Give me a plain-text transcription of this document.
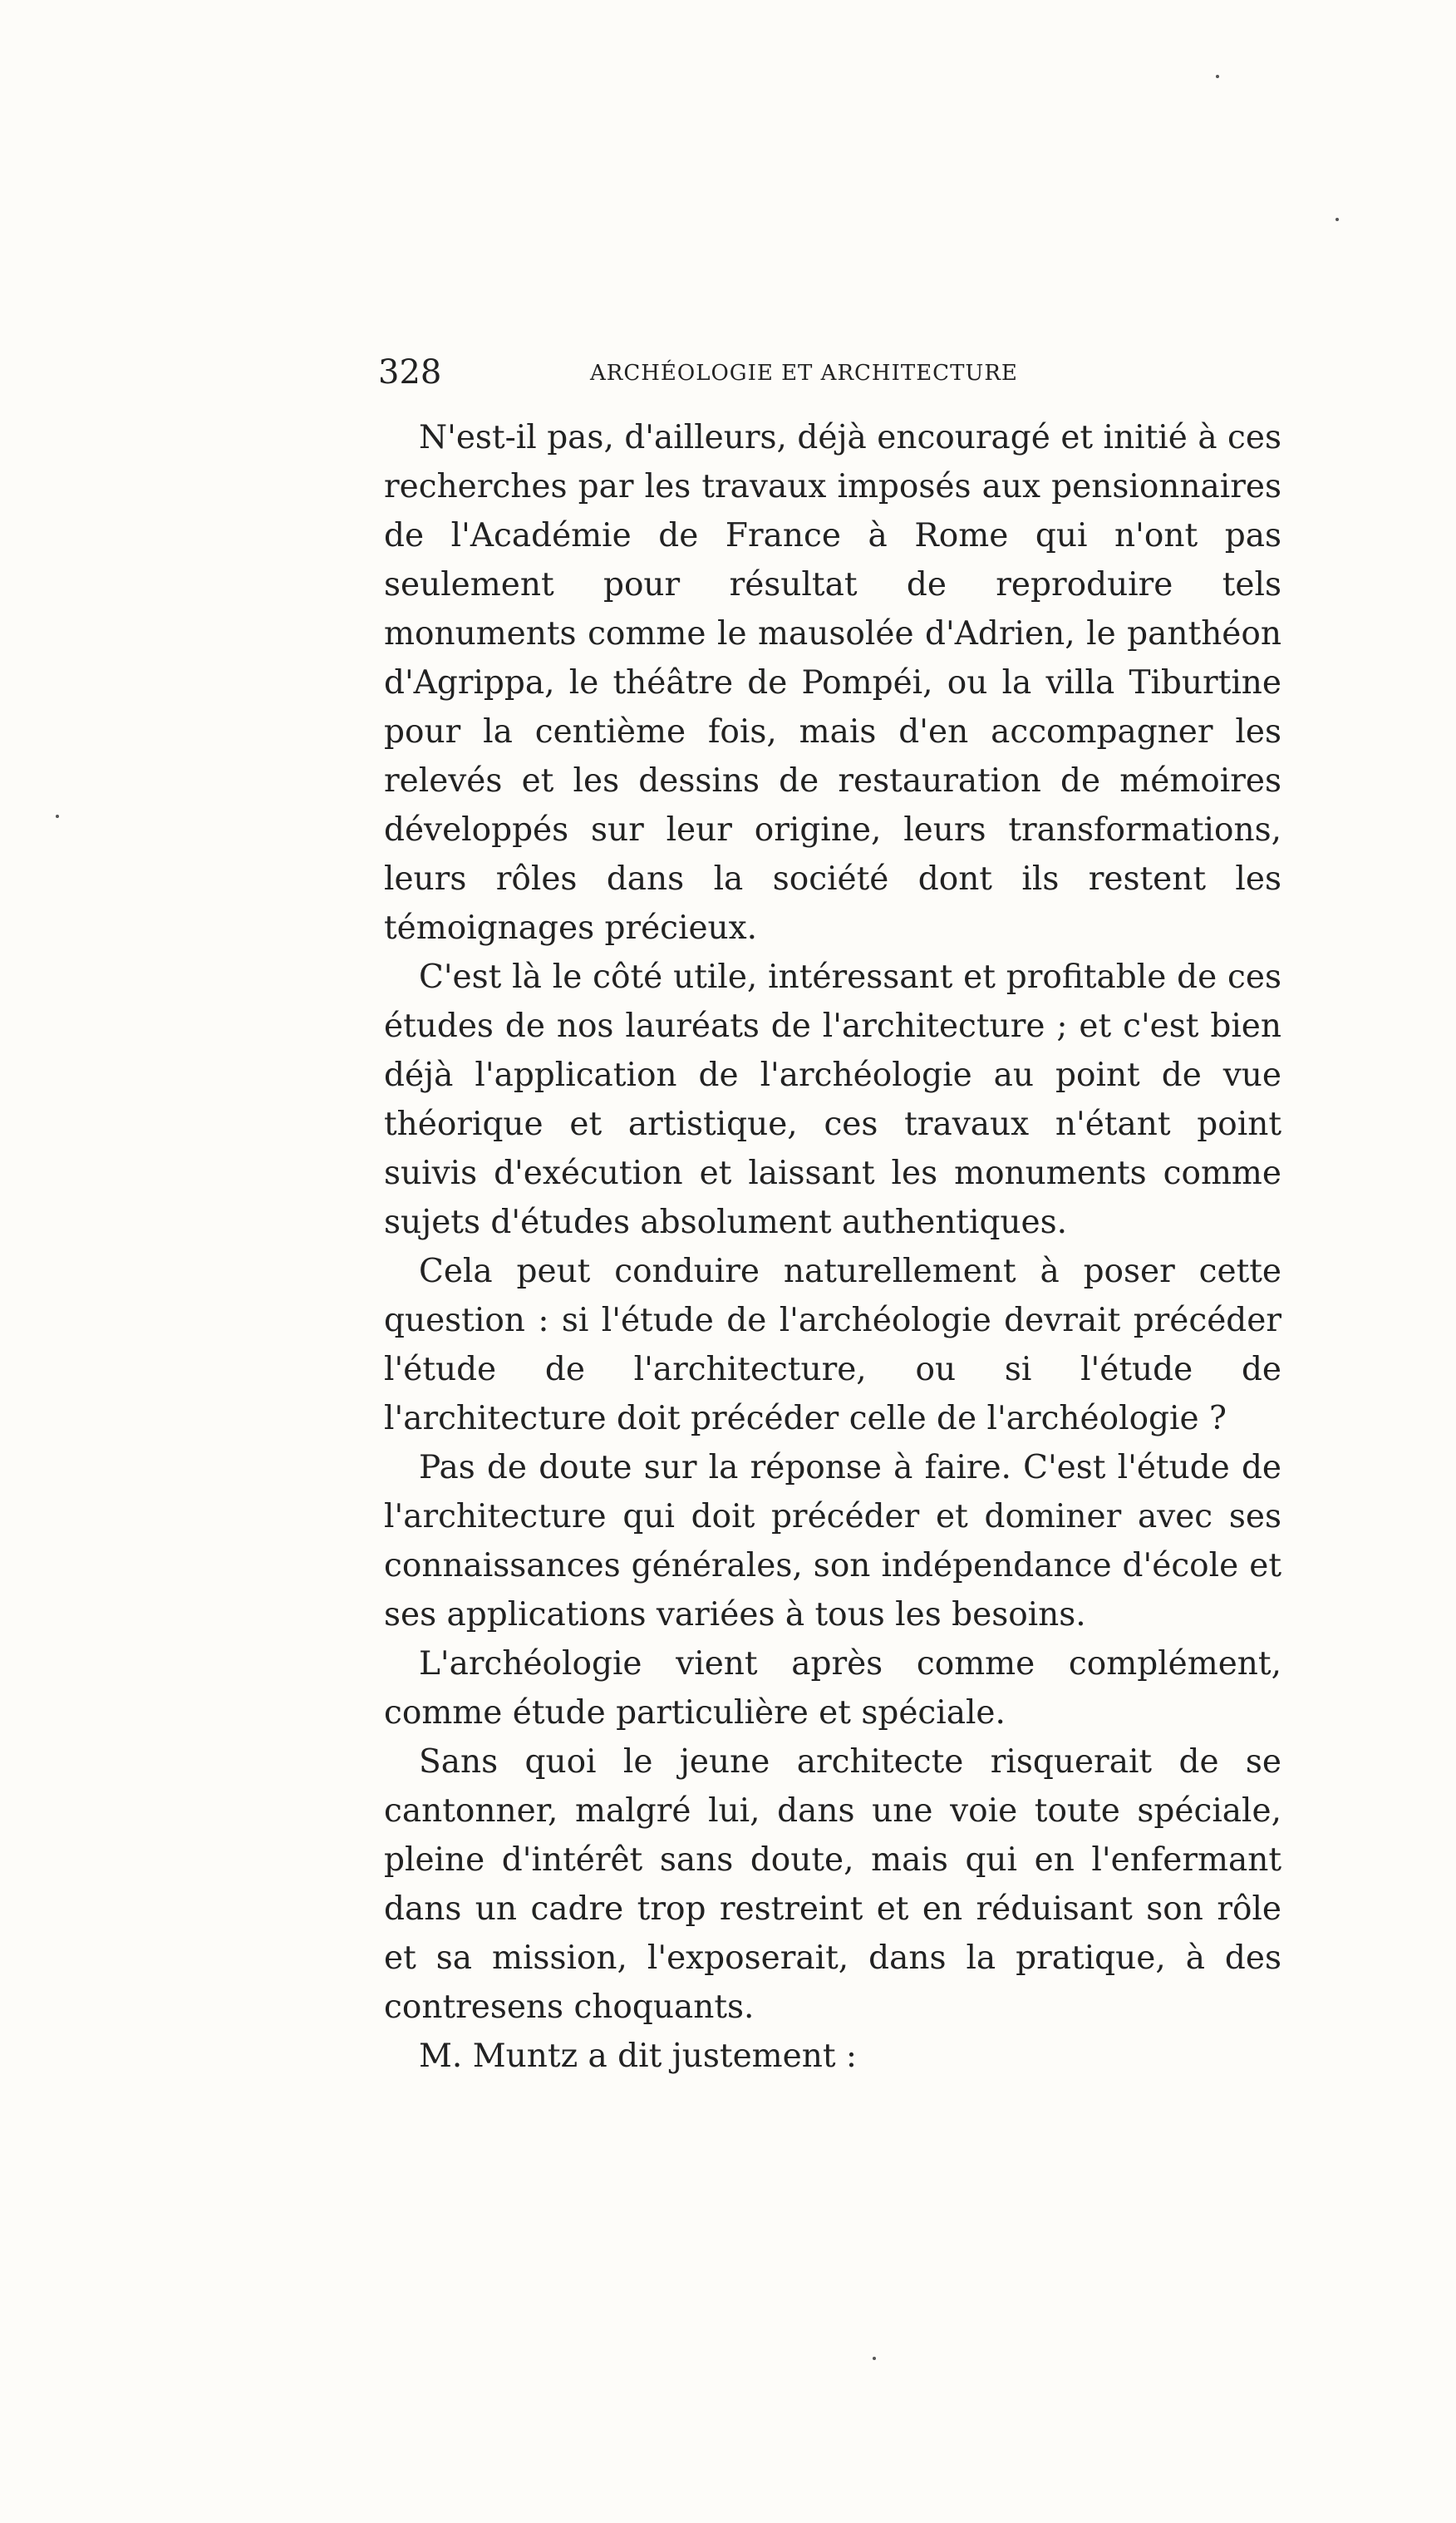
328	ARCHÉOLOGIE ET ARCHITECTURE

N'est-il pas, d'ailleurs, déjà encouragé et initié à ces recherches par les travaux imposés aux pensionnaires de l'Académie de France à Rome qui n'ont pas seulement pour résultat de reproduire tels monuments comme le mausolée d'Adrien, le panthéon d'Agrippa, le théâtre de Pompéi, ou la villa Tiburtine pour la centième fois, mais d'en accompagner les relevés et les dessins de restauration de mémoires développés sur leur origine, leurs transformations, leurs rôles dans la société dont ils restent les témoignages précieux.

C'est là le côté utile, intéressant et profitable de ces études de nos lauréats de l'architecture ; et c'est bien déjà l'application de l'archéologie au point de vue théorique et artistique, ces travaux n'étant point suivis d'exécution et laissant les monuments comme sujets d'études absolument authentiques.

Cela peut conduire naturellement à poser cette question : si l'étude de l'archéologie devrait précéder l'étude de l'architecture, ou si l'étude de l'architecture doit précéder celle de l'archéologie ?

Pas de doute sur la réponse à faire. C'est l'étude de l'architecture qui doit précéder et dominer avec ses connaissances générales, son indépendance d'école et ses applications variées à tous les besoins.

L'archéologie vient après comme complément, comme étude particulière et spéciale.

Sans quoi le jeune architecte risquerait de se cantonner, malgré lui, dans une voie toute spéciale, pleine d'intérêt sans doute, mais qui en l'enfermant dans un cadre trop restreint et en réduisant son rôle et sa mission, l'exposerait, dans la pratique, à des contresens choquants.

M. Muntz a dit justement :
